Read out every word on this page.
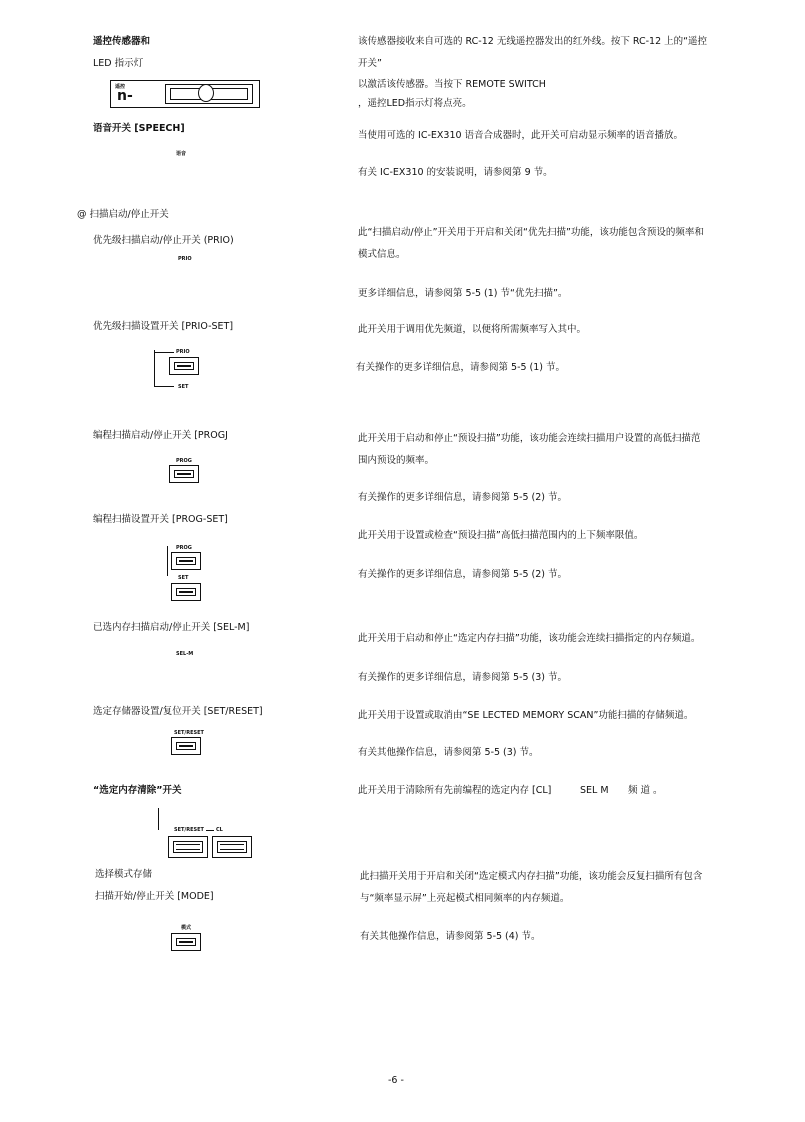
遥控传感器和
LED 指示灯
遥控
n-
该传感器接收来自可选的 RC-12 无线遥控器发出的红外线。按下 RC-12 上的“遥控
开关”
以激活该传感器。当按下 REMOTE SWITCH
，遥控LED指示灯将点亮。
语音开关 [SPEECH]
语音
当使用可选的 IC-EX310 语音合成器时，此开关可启动显示频率的语音播放。
有关 IC-EX310 的安装说明，请参阅第 9 节。
@ 扫描启动/停止开关
优先级扫描启动/停止开关 (PRIO)
PRIO
此“扫描启动/停止”开关用于开启和关闭“优先扫描”功能，该功能包含预设的频率和
模式信息。
更多详细信息，请参阅第 5-5 (1) 节“优先扫描”。
优先级扫描设置开关 [PRIO-SET]
PRIO
SET
此开关用于调用优先频道，以便将所需频率写入其中。
有关操作的更多详细信息，请参阅第 5-5 (1) 节。
编程扫描启动/停止开关 [PROGJ
PROG
此开关用于启动和停止“预设扫描”功能，该功能会连续扫描用户设置的高低扫描范
围内预设的频率。
有关操作的更多详细信息，请参阅第 5-5 (2) 节。
编程扫描设置开关 [PROG-SET]
PROG
SET
此开关用于设置或检查“预设扫描”高低扫描范围内的上下频率限值。
有关操作的更多详细信息，请参阅第 5-5 (2) 节。
已选内存扫描启动/停止开关 [SEL-M]
SEL-M
此开关用于启动和停止“选定内存扫描”功能，该功能会连续扫描指定的内存频道。
有关操作的更多详细信息，请参阅第 5-5 (3) 节。
选定存储器设置/复位开关 [SET/RESET]
SET/RESET
此开关用于设置或取消由“SE LECTED MEMORY SCAN”功能扫描的存储频道。
有关其他操作信息，请参阅第 5-5 (3) 节。
“选定内存清除”开关
SET/RESET CL
此开关用于清除所有先前编程的选定内存 [CL]	SEL M 频 道 。
选择模式存储
扫描开始/停止开关 [MODE]
模式
此扫描开关用于开启和关闭“选定模式内存扫描”功能，该功能会反复扫描所有包含
与“频率显示屏”上亮起模式相同频率的内存频道。
有关其他操作信息，请参阅第 5-5 (4) 节。
-6 -
